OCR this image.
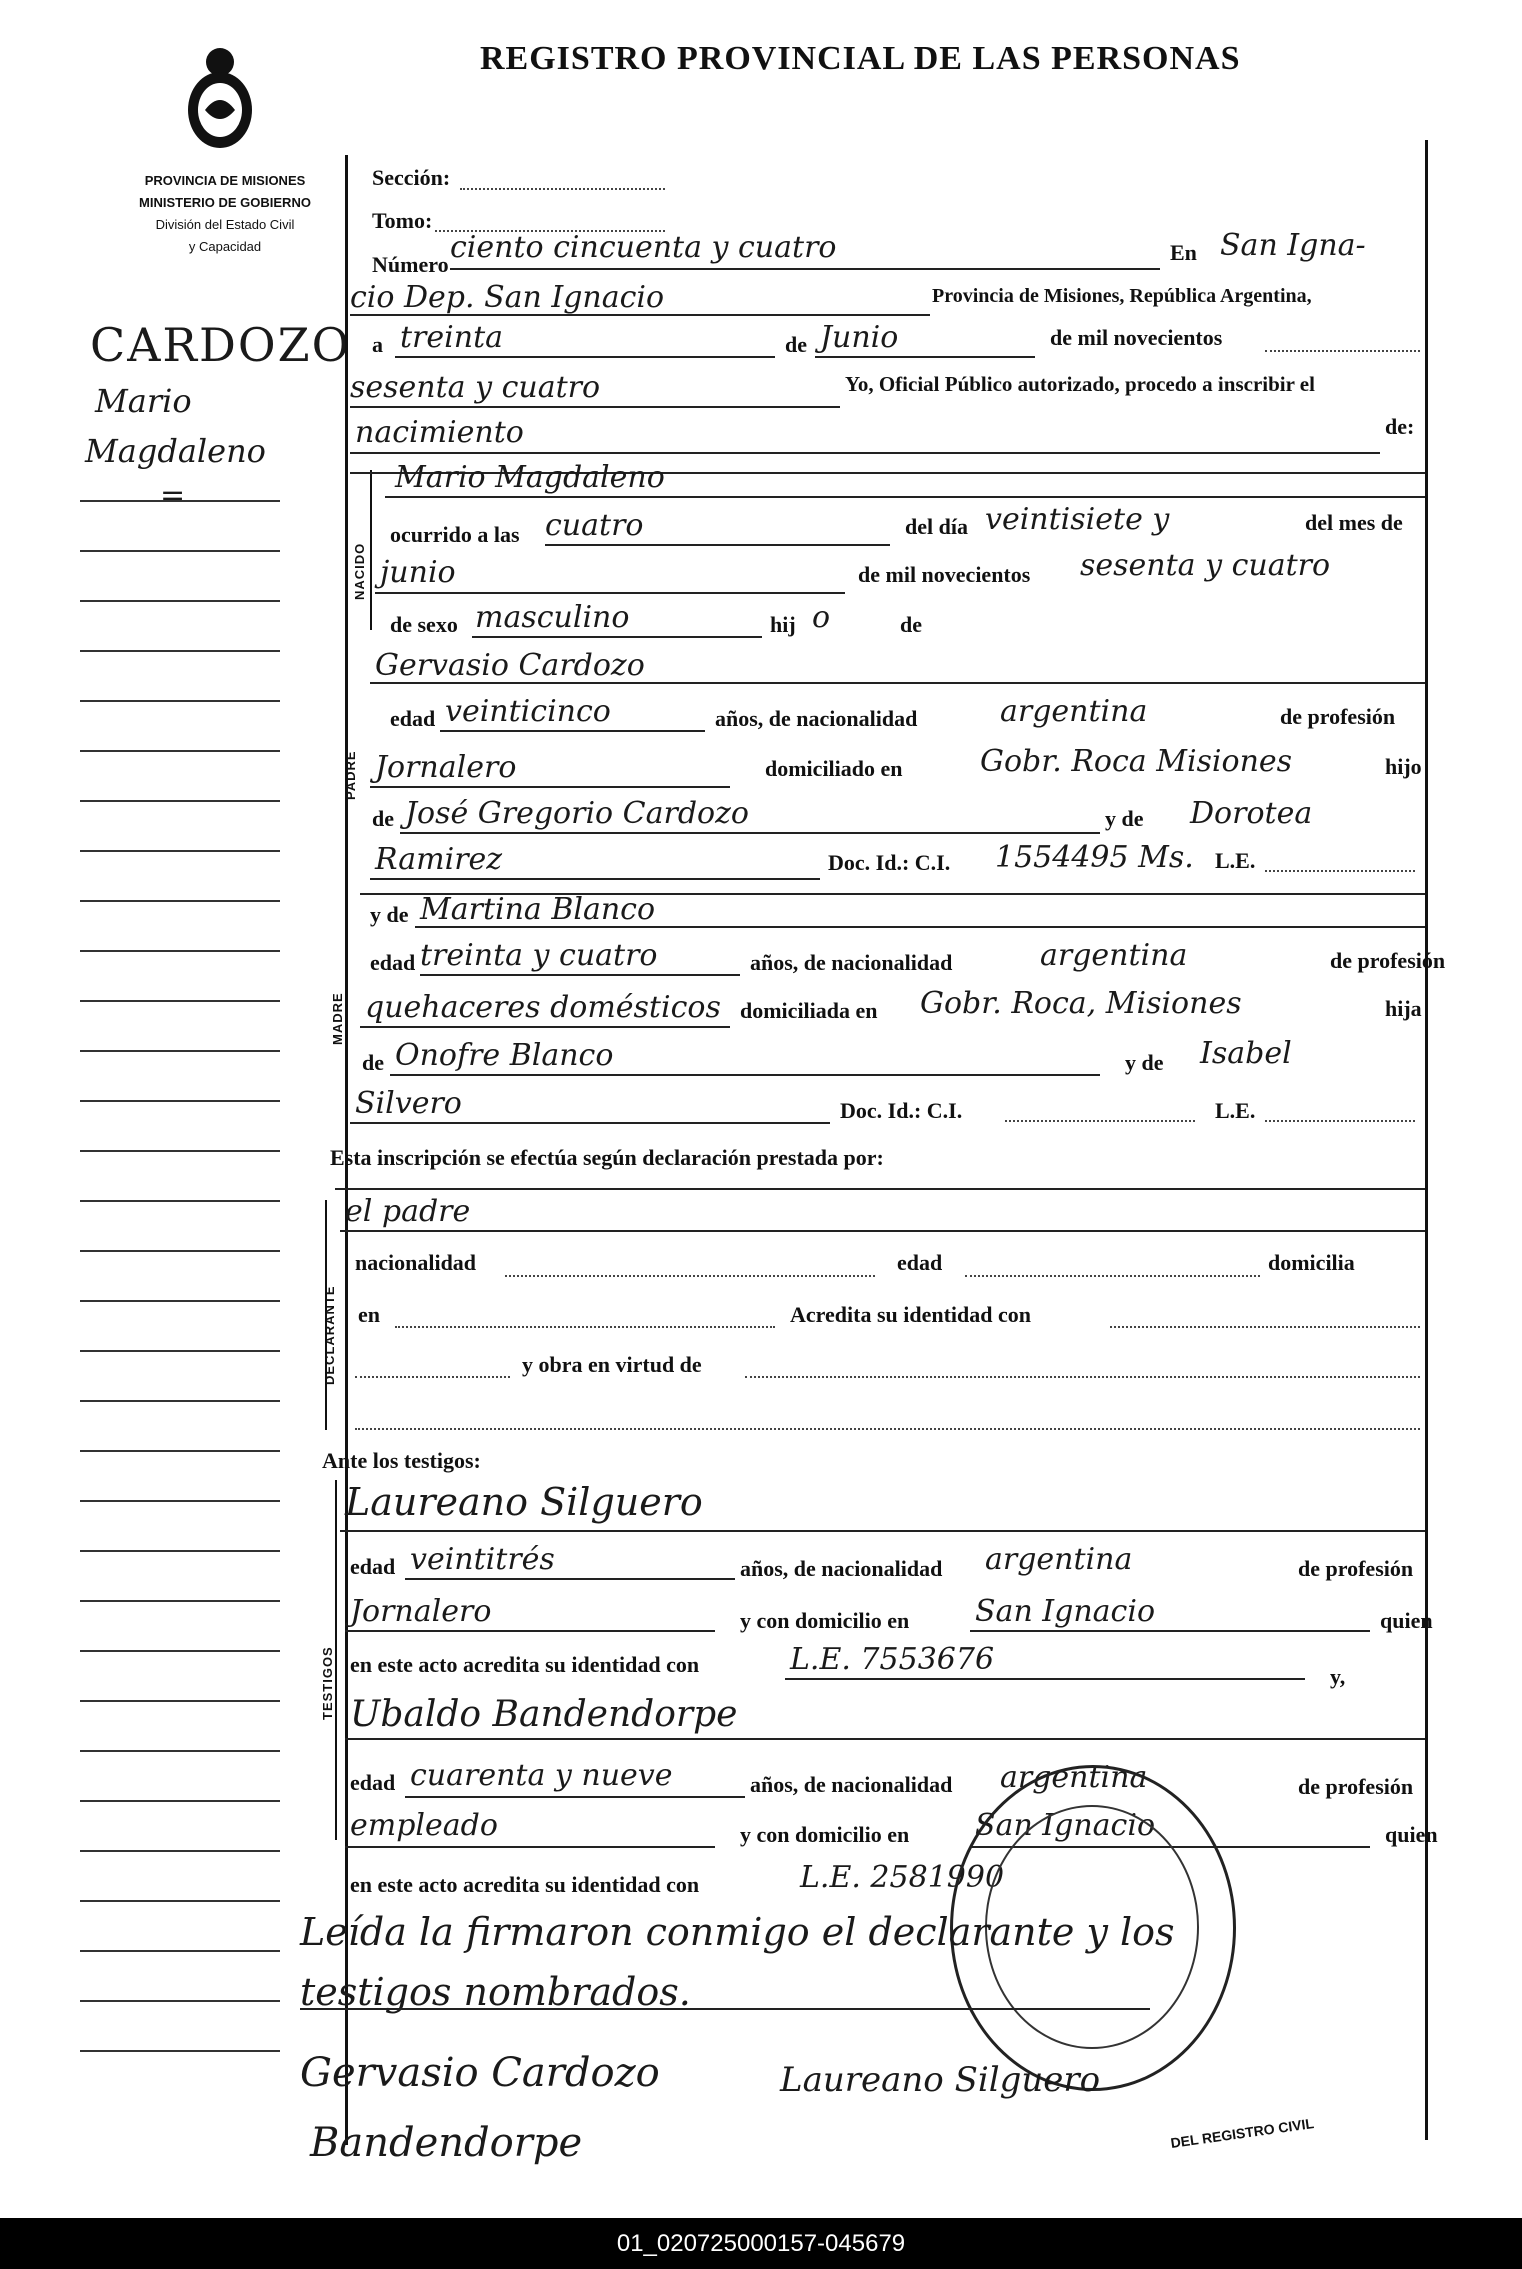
REGISTRO PROVINCIAL DE LAS PERSONAS
PROVINCIA DE MISIONES
MINISTERIO DE GOBIERNO
División del Estado Civil
y Capacidad
CARDOZO
Mario
Magdaleno
=
NACIDO
PADRE
MADRE
DECLARANTE
TESTIGOS
Sección:
Tomo:
Número ciento cincuenta y cuatro	En San Igna-
cio Dep. San Ignacio	Provincia de Misiones, República Argentina,
a treinta	de Junio	de mil novecientos
sesenta y cuatro	Yo, Oficial Público autorizado, procedo a inscribir el
nacimiento	de:
Mario Magdaleno
ocurrido a las cuatro	del día veintisiete y	del mes de
junio	de mil novecientos sesenta y cuatro
de sexo masculino	hij o	de
Gervasio Cardozo
edad veinticinco	años, de nacionalidad	argentina	de profesión
Jornalero	domiciliado en	Gobr. Roca Misiones	hijo
de José Gregorio Cardozo	y de Dorotea
Ramirez	Doc. Id.: C.I. 1554495 Ms. L.E.
y de Martina Blanco
edad treinta y cuatro	años, de nacionalidad	argentina	de profesión
quehaceres domésticos domiciliada en Gobr. Roca, Misiones	hija
de Onofre Blanco	y de Isabel
Silvero	Doc. Id.: C.I.	L.E.
Esta inscripción se efectúa según declaración prestada por:
el padre
nacionalidad	edad	domicilia
en	Acredita su identidad con
y obra en virtud de
Ante los testigos:
Laureano Silguero
edad veintitrés	años, de nacionalidad argentina	de profesión
Jornalero	y con domicilio en San Ignacio	quien
en este acto acredita su identidad con	L.E. 7553676	y,
Ubaldo Bandendorpe
edad cuarenta y nueve	años, de nacionalidad argentina	de profesión
empleado	y con domicilio en San Ignacio	quien
en este acto acredita su identidad con	L.E. 2581990
DEL REGISTRO CIVIL
Leída la firmaron conmigo el declarante y los
testigos nombrados.
Gervasio Cardozo	Laureano Silguero
Bandendorpe
01_020725000157-045679
